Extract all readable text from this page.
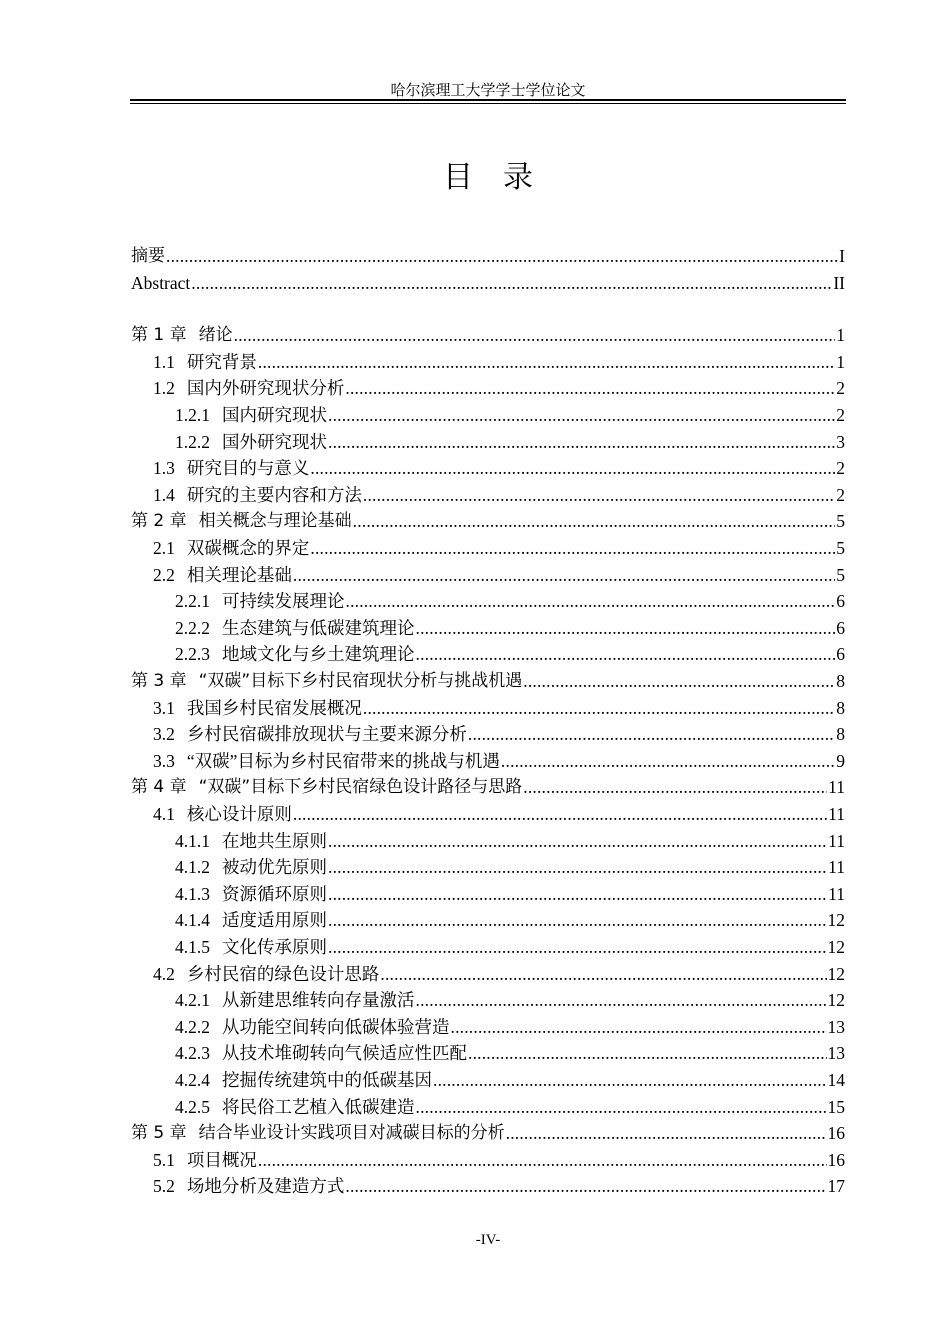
哈尔滨理工大学学士学位论文
目录
摘要 .....	I
Abstract .....	II
第 1 章 绪论 .....	1
1.1 研究背景 .....	1
1.2 国内外研究现状分析 .....	2
1.2.1 国内研究现状 .....	2
1.2.2 国外研究现状 .....	3
1.3 研究目的与意义 .....	2
1.4 研究的主要内容和方法 .....	2
第 2 章 相关概念与理论基础 .....	5
2.1 双碳概念的界定 .....	5
2.2 相关理论基础 .....	5
2.2.1 可持续发展理论 .....	6
2.2.2 生态建筑与低碳建筑理论 .....	6
2.2.3 地域文化与乡土建筑理论 .....	6
第 3 章 “双碳”目标下乡村民宿现状分析与挑战机遇 .....	8
3.1 我国乡村民宿发展概况 .....	8
3.2 乡村民宿碳排放现状与主要来源分析 .....	8
3.3 “双碳”目标为乡村民宿带来的挑战与机遇 .....	9
第 4 章 “双碳”目标下乡村民宿绿色设计路径与思路 .....	11
4.1 核心设计原则 .....	11
4.1.1 在地共生原则 .....	11
4.1.2 被动优先原则 .....	11
4.1.3 资源循环原则 .....	11
4.1.4 适度适用原则 .....	12
4.1.5 文化传承原则 .....	12
4.2 乡村民宿的绿色设计思路 .....	12
4.2.1 从新建思维转向存量激活 .....	12
4.2.2 从功能空间转向低碳体验营造 .....	13
4.2.3 从技术堆砌转向气候适应性匹配 .....	13
4.2.4 挖掘传统建筑中的低碳基因 .....	14
4.2.5 将民俗工艺植入低碳建造 .....	15
第 5 章 结合毕业设计实践项目对减碳目标的分析 .....	16
5.1 项目概况 .....	16
5.2 场地分析及建造方式 .....	17
-IV-
